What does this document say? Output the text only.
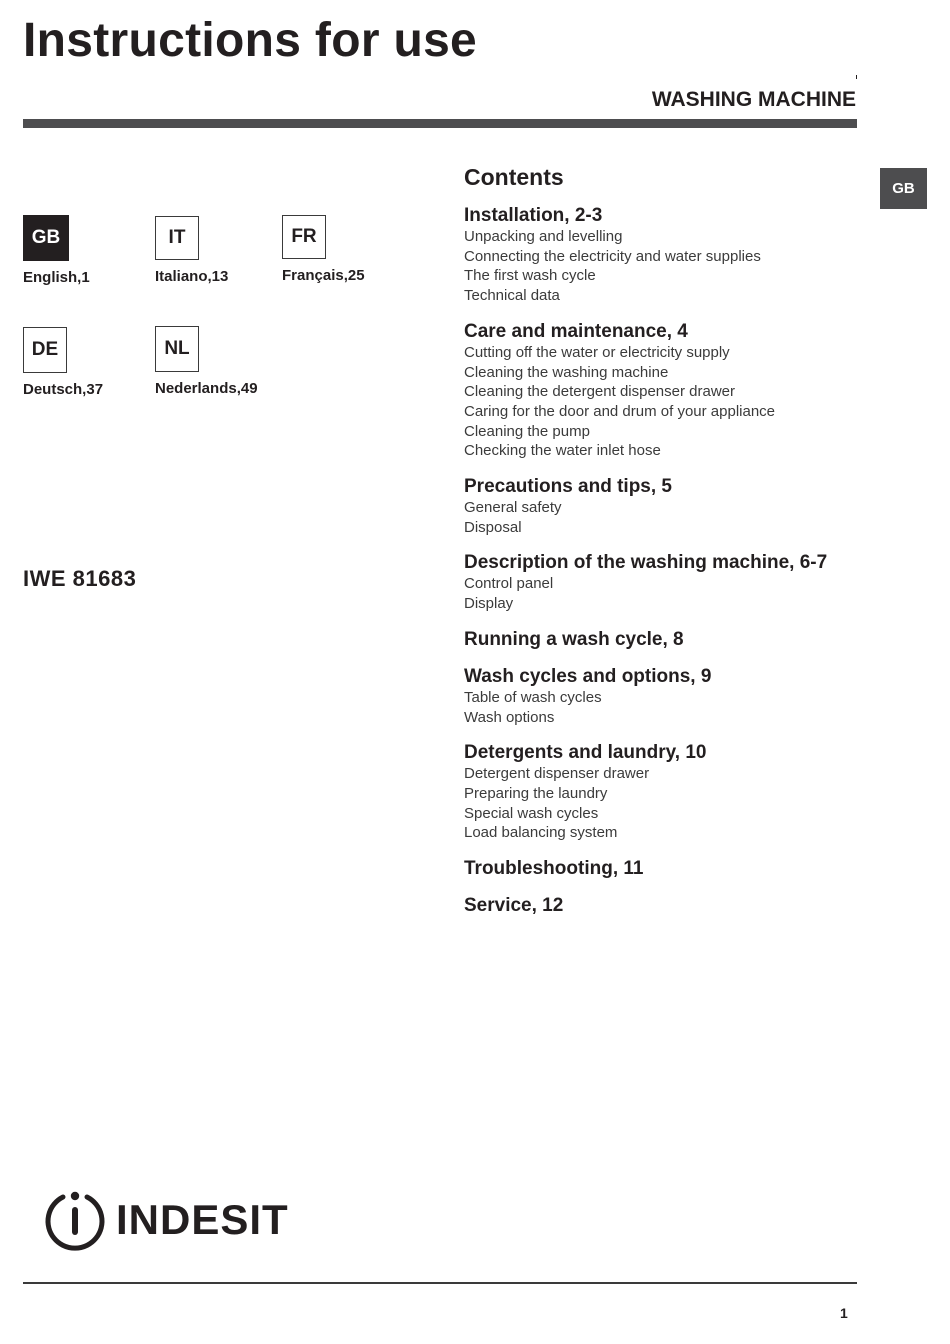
Instructions for use
WASHING MACHINE
GB
GB
English,1
IT
Italiano,13
FR
Français,25
DE
Deutsch,37
NL
Nederlands,49
IWE 81683
Contents
Installation, 2-3
Unpacking and levelling
Connecting the electricity and water supplies
The first wash cycle
Technical data
Care and maintenance, 4
Cutting off the water or electricity supply
Cleaning the washing machine
Cleaning the detergent dispenser drawer
Caring for the door and drum of your appliance
Cleaning the pump
Checking the water inlet hose
Precautions and tips, 5
General safety
Disposal
Description of the washing machine, 6-7
Control panel
Display
Running a wash cycle, 8
Wash cycles and options, 9
Table of wash cycles
Wash options
Detergents and laundry, 10
Detergent dispenser drawer
Preparing the laundry
Special wash cycles
Load balancing system
Troubleshooting, 11
Service, 12
INDESIT
1
